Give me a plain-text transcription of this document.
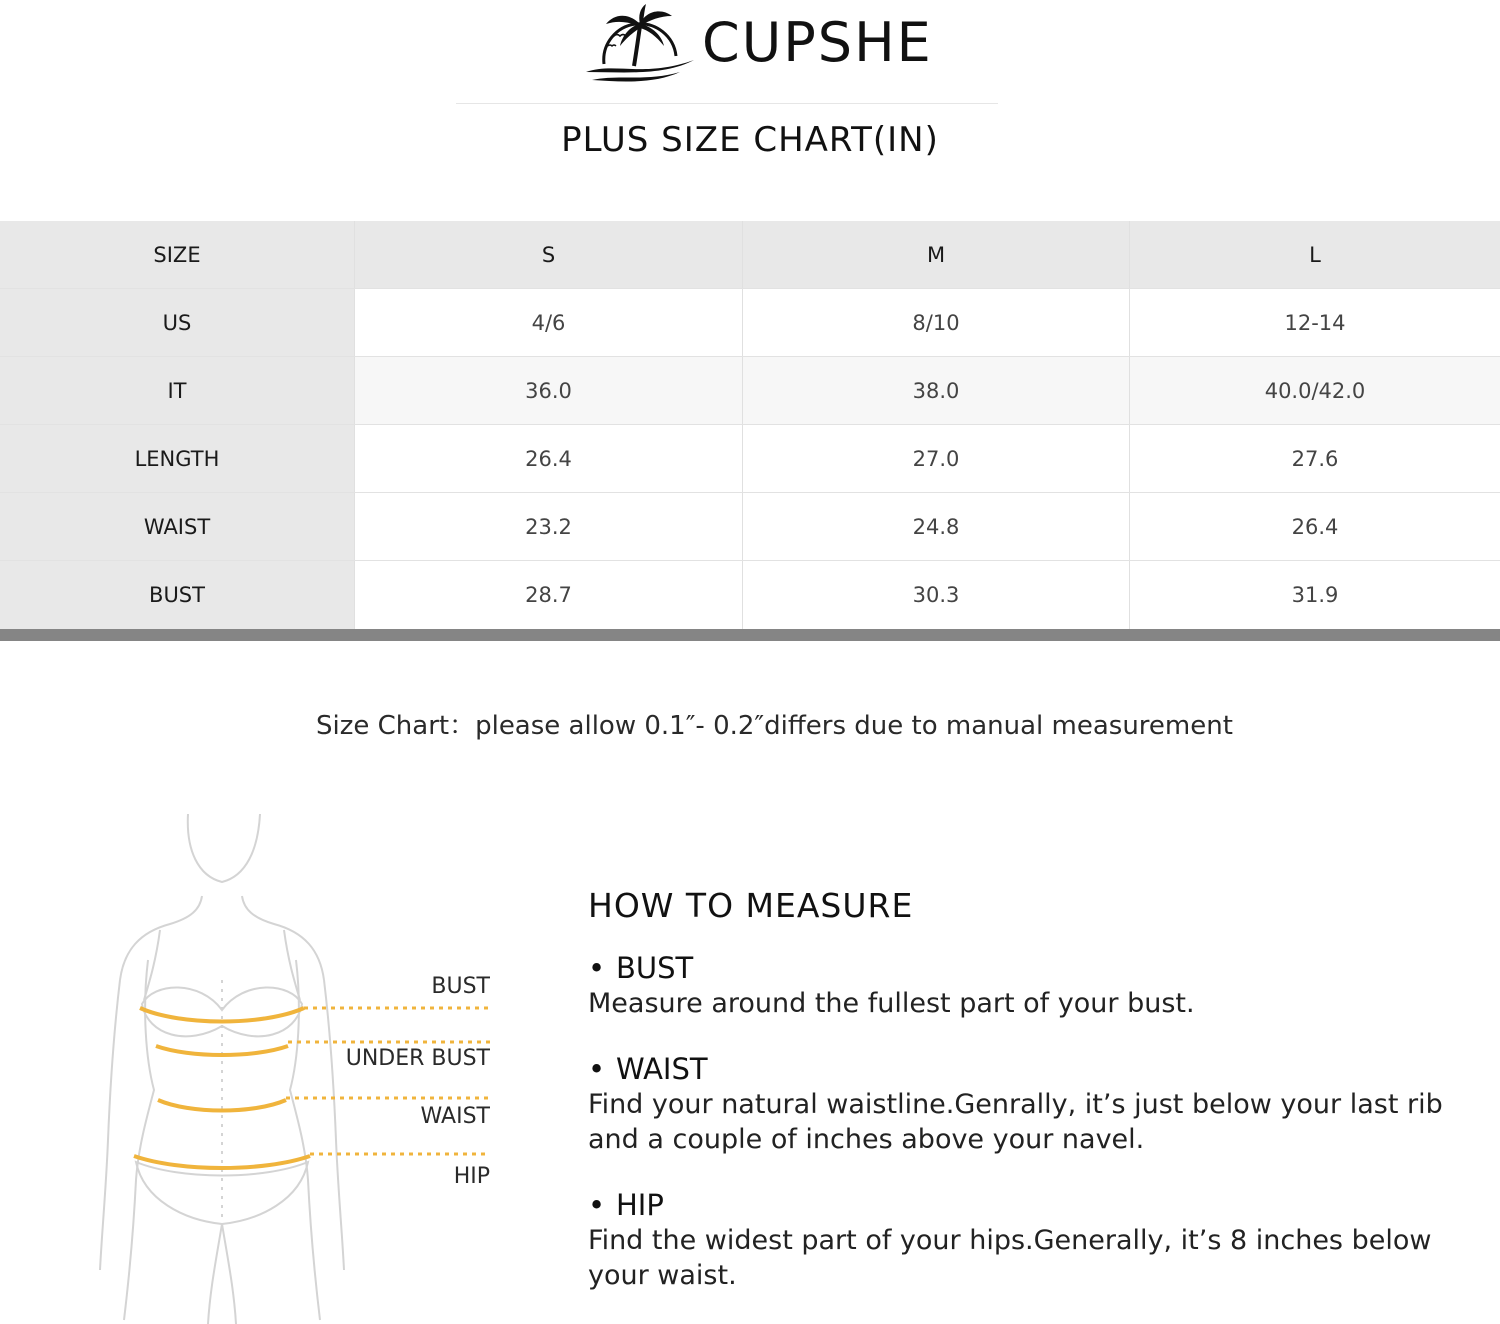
CUPSHE
PLUS SIZE CHART(IN)
SIZE	S	M	L
US	4/6	8/10	12-14
IT	36.0	38.0	40.0/42.0
LENGTH	26.4	27.0	27.6
WAIST	23.2	24.8	26.4
BUST	28.7	30.3	31.9
Size Chart：please allow 0.1″- 0.2″differs due to manual measurement
BUST
UNDER BUST
WAIST
HIP
HOW TO MEASURE
• BUST
Measure around the fullest part of your bust.
• WAIST
Find your natural waistline.Genrally, it’s just below your last rib and a couple of inches above your navel.
• HIP
Find the widest part of your hips.Generally, it’s 8 inches below your waist.
